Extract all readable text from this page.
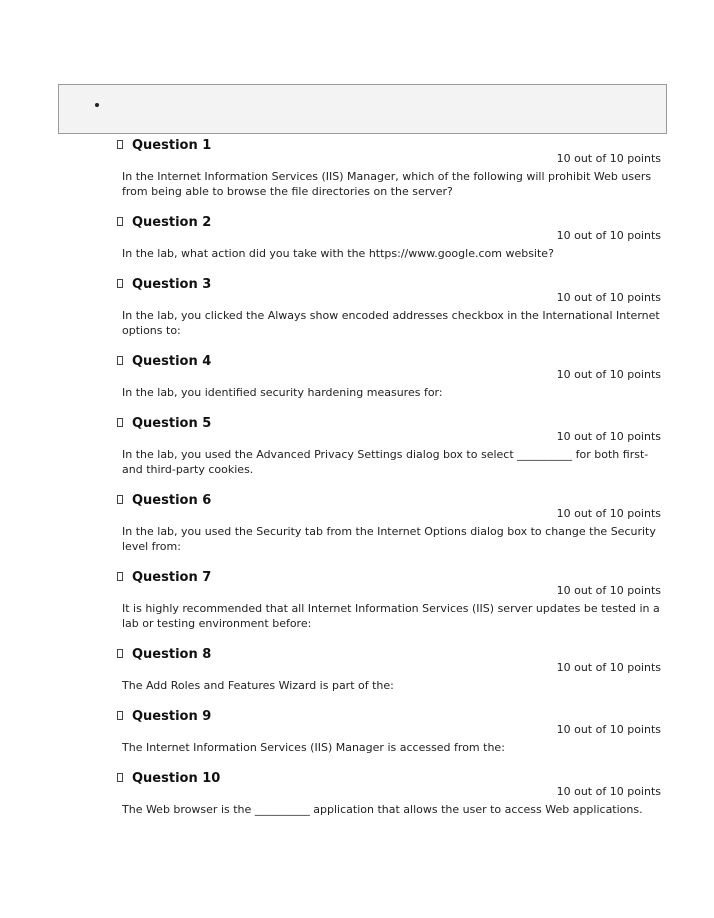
Question 1
10 out of 10 points
In the Internet Information Services (IIS) Manager, which of the following will prohibit Web users from being able to browse the file directories on the server?
Question 2
10 out of 10 points
In the lab, what action did you take with the https://www.google.com website?
Question 3
10 out of 10 points
In the lab, you clicked the Always show encoded addresses checkbox in the International Internet options to:
Question 4
10 out of 10 points
In the lab, you identified security hardening measures for:
Question 5
10 out of 10 points
In the lab, you used the Advanced Privacy Settings dialog box to select __________ for both first- and third-party cookies.
Question 6
10 out of 10 points
In the lab, you used the Security tab from the Internet Options dialog box to change the Security level from:
Question 7
10 out of 10 points
It is highly recommended that all Internet Information Services (IIS) server updates be tested in a lab or testing environment before:
Question 8
10 out of 10 points
The Add Roles and Features Wizard is part of the:
Question 9
10 out of 10 points
The Internet Information Services (IIS) Manager is accessed from the:
Question 10
10 out of 10 points
The Web browser is the __________ application that allows the user to access Web applications.
